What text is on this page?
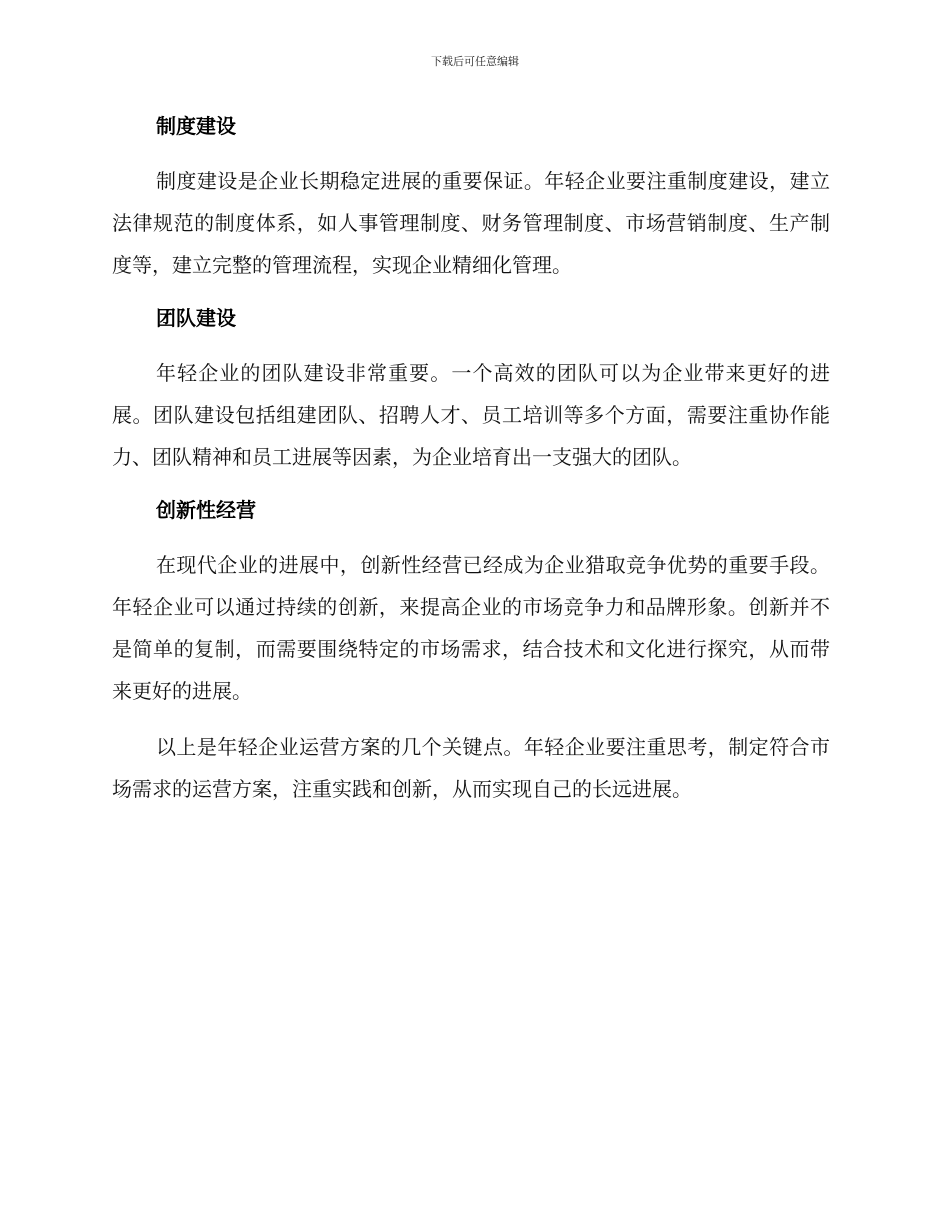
下载后可任意编辑
制度建设

制度建设是企业长期稳定进展的重要保证。年轻企业要注重制度建设，建立法律规范的制度体系，如人事管理制度、财务管理制度、市场营销制度、生产制度等，建立完整的管理流程，实现企业精细化管理。

团队建设

年轻企业的团队建设非常重要。一个高效的团队可以为企业带来更好的进展。团队建设包括组建团队、招聘人才、员工培训等多个方面，需要注重协作能力、团队精神和员工进展等因素，为企业培育出一支强大的团队。

创新性经营

在现代企业的进展中，创新性经营已经成为企业猎取竞争优势的重要手段。年轻企业可以通过持续的创新，来提高企业的市场竞争力和品牌形象。创新并不是简单的复制，而需要围绕特定的市场需求，结合技术和文化进行探究，从而带来更好的进展。

以上是年轻企业运营方案的几个关键点。年轻企业要注重思考，制定符合市场需求的运营方案，注重实践和创新，从而实现自己的长远进展。
